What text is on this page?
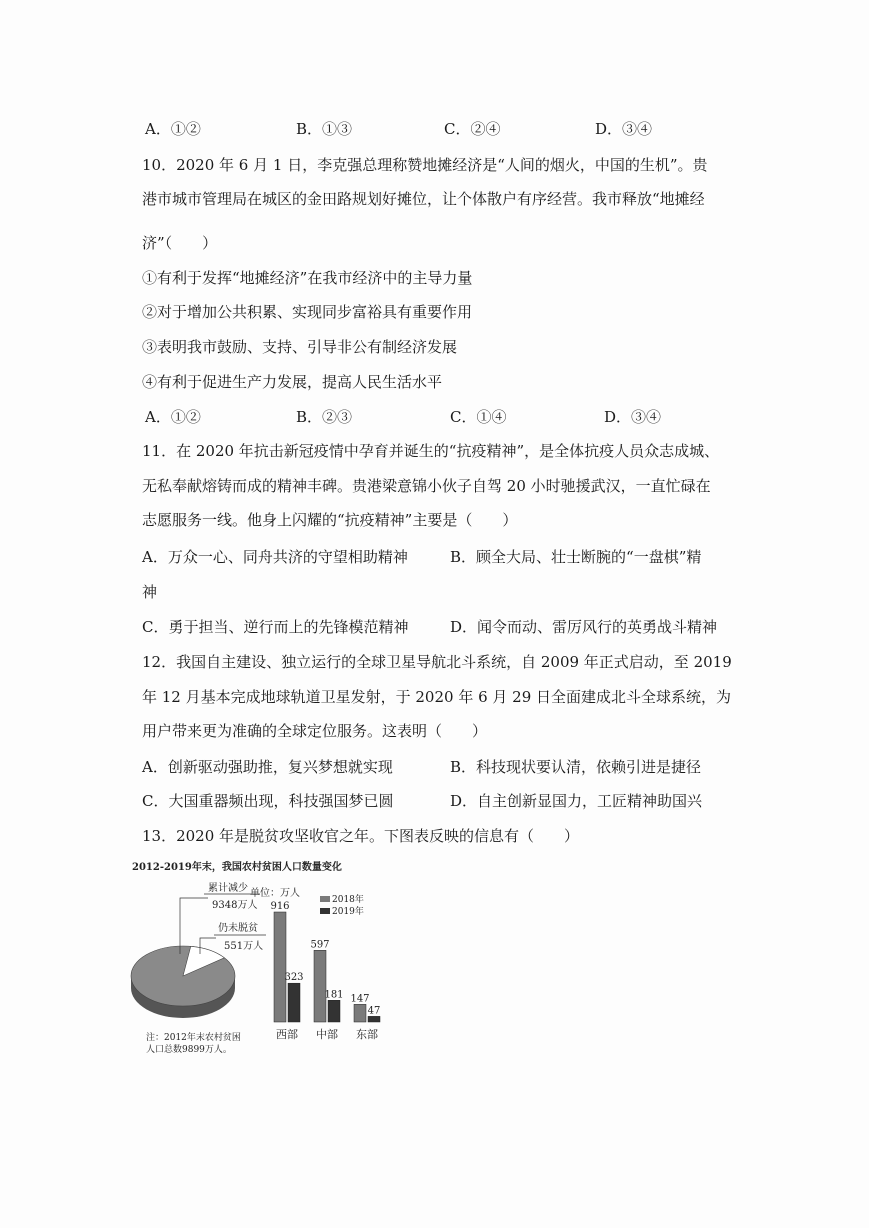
A．①②	B．①③	C．②④	D．③④
10．2020 年 6 月 1 日，李克强总理称赞地摊经济是“人间的烟火，中国的生机”。贵
港市城市管理局在城区的金田路规划好摊位，让个体散户有序经营。我市释放“地摊经
济”（　　）
①有利于发挥“地摊经济”在我市经济中的主导力量
②对于增加公共积累、实现同步富裕具有重要作用
③表明我市鼓励、支持、引导非公有制经济发展
④有利于促进生产力发展，提高人民生活水平
A．①②	B．②③	C．①④	D．③④
11．在 2020 年抗击新冠疫情中孕育并诞生的“抗疫精神”，是全体抗疫人员众志成城、
无私奉献熔铸而成的精神丰碑。贵港梁意锦小伙子自驾 20 小时驰援武汉，一直忙碌在
志愿服务一线。他身上闪耀的“抗疫精神”主要是（　　）
A．万众一心、同舟共济的守望相助精神	B．顾全大局、壮士断腕的“一盘棋”精
神
C．勇于担当、逆行而上的先锋模范精神	D．闻令而动、雷厉风行的英勇战斗精神
12．我国自主建设、独立运行的全球卫星导航北斗系统，自 2009 年正式启动，至 2019
年 12 月基本完成地球轨道卫星发射，于 2020 年 6 月 29 日全面建成北斗全球系统，为
用户带来更为准确的全球定位服务。这表明（　　）
A．创新驱动强助推，复兴梦想就实现	B．科技现状要认清，依赖引进是捷径
C．大国重器频出现，科技强国梦已圆	D．自主创新显国力，工匠精神助国兴
13．2020 年是脱贫攻坚收官之年。下图表反映的信息有（　　）
2012-2019年末，我国农村贫困人口数量变化
累计减少
9348万人
仍未脱贫
551万人
单位：万人
2018年
2019年
916
323
西部
597
181
中部
147
47
东部
注：2012年末农村贫困
人口总数9899万人。
